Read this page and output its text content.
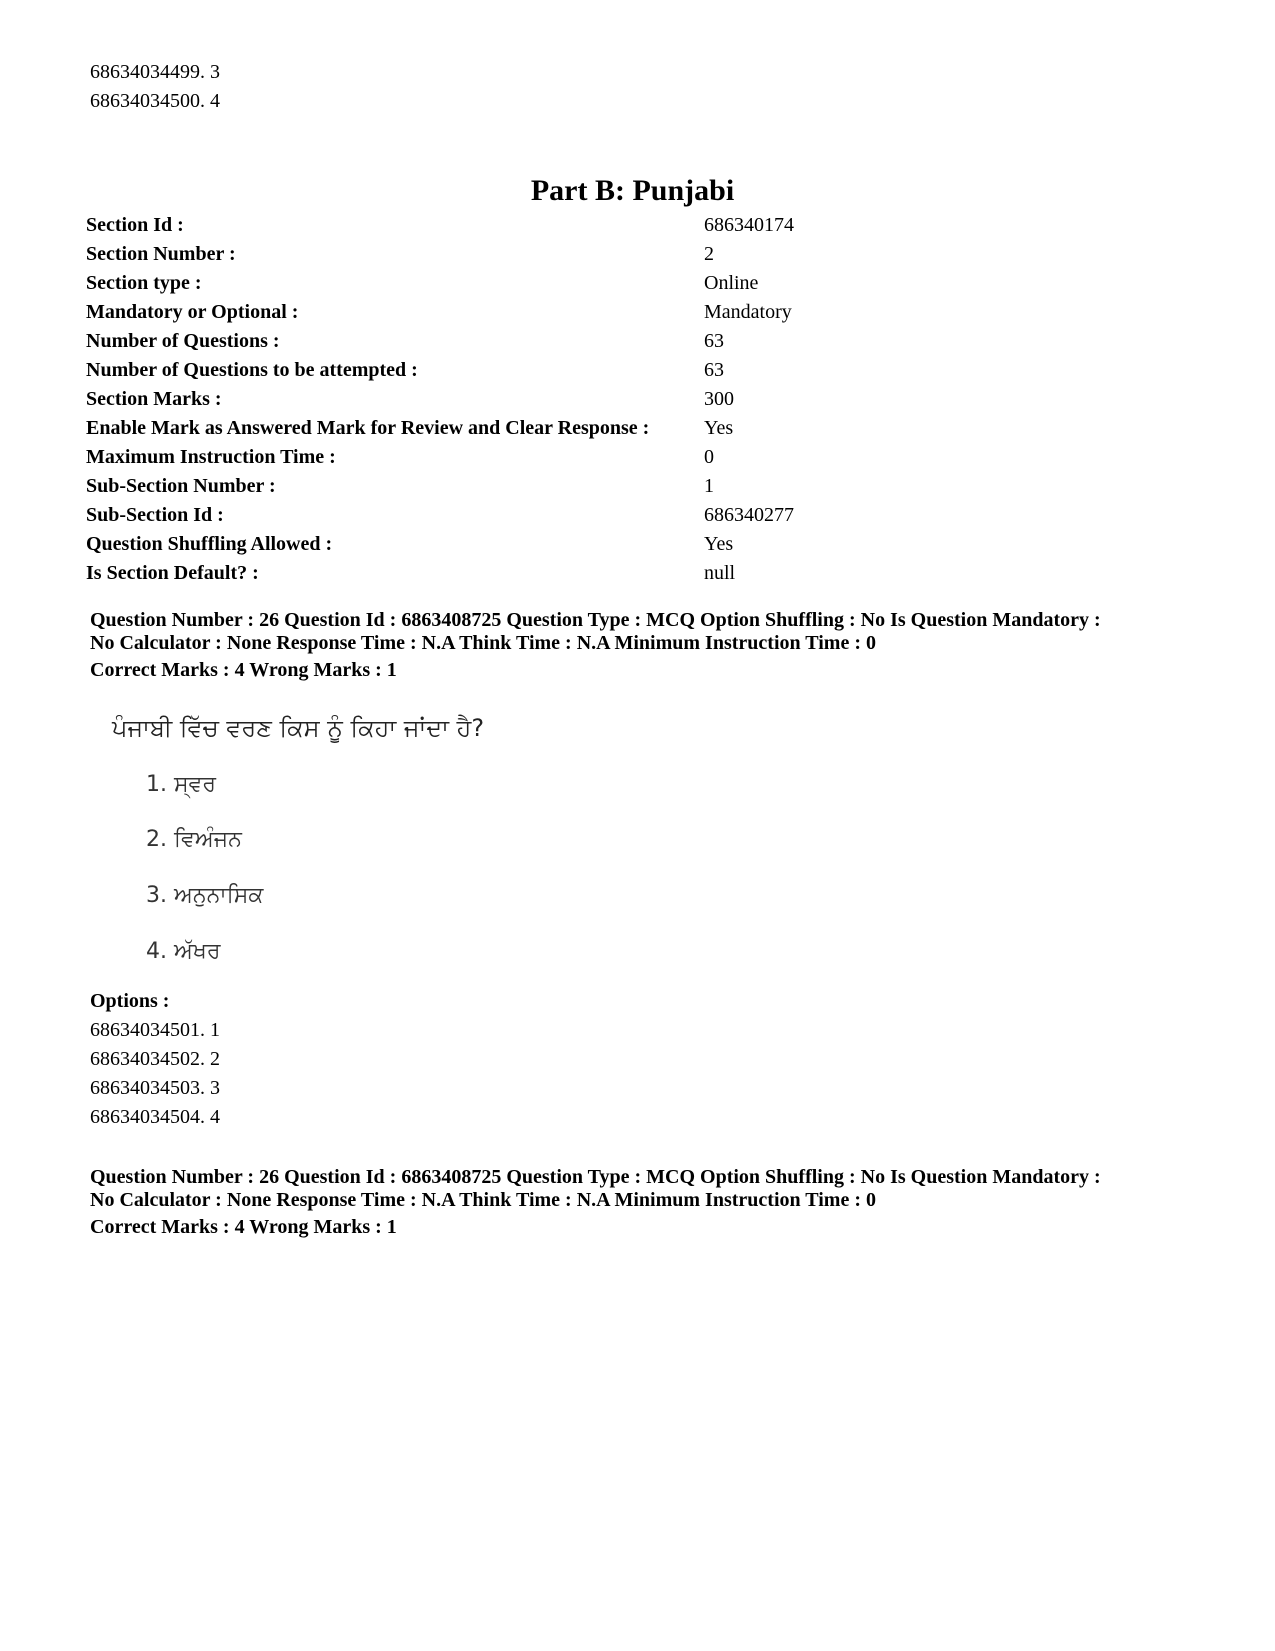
68634034499. 3
68634034500. 4
Part B: Punjabi
Section Id :	686340174
Section Number :	2
Section type :	Online
Mandatory or Optional :	Mandatory
Number of Questions :	63
Number of Questions to be attempted :	63
Section Marks :	300
Enable Mark as Answered Mark for Review and Clear Response :	Yes
Maximum Instruction Time :	0
Sub-Section Number :	1
Sub-Section Id :	686340277
Question Shuffling Allowed :	Yes
Is Section Default? :	null
Question Number : 26 Question Id : 6863408725 Question Type : MCQ Option Shuffling : No Is Question Mandatory :
No Calculator : None Response Time : N.A Think Time : N.A Minimum Instruction Time : 0
Correct Marks : 4 Wrong Marks : 1
ਪੰਜਾਬੀ ਵਿੱਚ ਵਰਣ ਕਿਸ ਨੂੰ ਕਿਹਾ ਜਾਂਦਾ ਹੈ?
1. ਸ੍ਵਰ
2. ਵਿਅੰਜਨ
3. ਅਨੁਨਾਸਿਕ
4. ਅੱਖਰ
Options :
68634034501. 1
68634034502. 2
68634034503. 3
68634034504. 4
Question Number : 26 Question Id : 6863408725 Question Type : MCQ Option Shuffling : No Is Question Mandatory :
No Calculator : None Response Time : N.A Think Time : N.A Minimum Instruction Time : 0
Correct Marks : 4 Wrong Marks : 1
